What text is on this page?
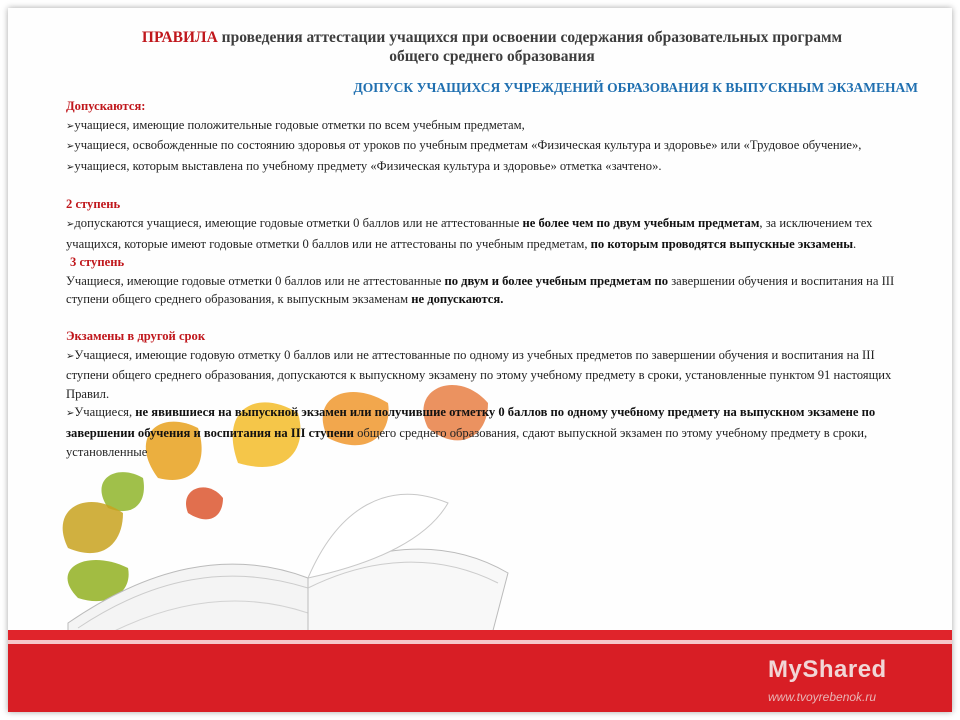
MyShared
www.tvoyrebenok.ru

ПРАВИЛА проведения аттестации учащихся при освоении содержания образовательных программ
общего среднего образования

ДОПУСК УЧАЩИХСЯ УЧРЕЖДЕНИЙ ОБРАЗОВАНИЯ К ВЫПУСКНЫМ ЭКЗАМЕНАМ
Допускаются:

➢учащиеся, имеющие положительные годовые отметки по всем учебным предметам,

➢учащиеся, освобожденные по состоянию здоровья от уроков по учебным предметам «Физическая культура и здоровье» или «Трудовое обучение»,

➢учащиеся, которым выставлена по учебному предмету «Физическая культура и здоровье» отметка «зачтено».

2 ступень

➢допускаются учащиеся, имеющие годовые отметки 0 баллов или не аттестованные не более чем по двум учебным предметам, за исключением тех учащихся, которые имеют годовые отметки 0 баллов или не аттестованы по учебным предметам, по которым проводятся выпускные экзамены.

3 ступень

Учащиеся, имеющие годовые отметки 0 баллов или не аттестованные по двум и более учебным предметам по завершении обучения и воспитания на III ступени общего среднего образования, к выпускным экзаменам не допускаются.

Экзамены в другой срок

➢Учащиеся, имеющие годовую отметку 0 баллов или не аттестованные по одному из учебных предметов по завершении обучения и воспитания на III ступени общего среднего образования, допускаются к выпускному экзамену по этому учебному предмету в сроки, установленные пунктом 91 настоящих Правил.

➢Учащиеся, не явившиеся на выпускной экзамен или получившие отметку 0 баллов по одному учебному предмету на выпускном экзамене по завершении обучения и воспитания на III ступени общего среднего образования, сдают выпускной экзамен по этому учебному предмету в сроки, установленные
